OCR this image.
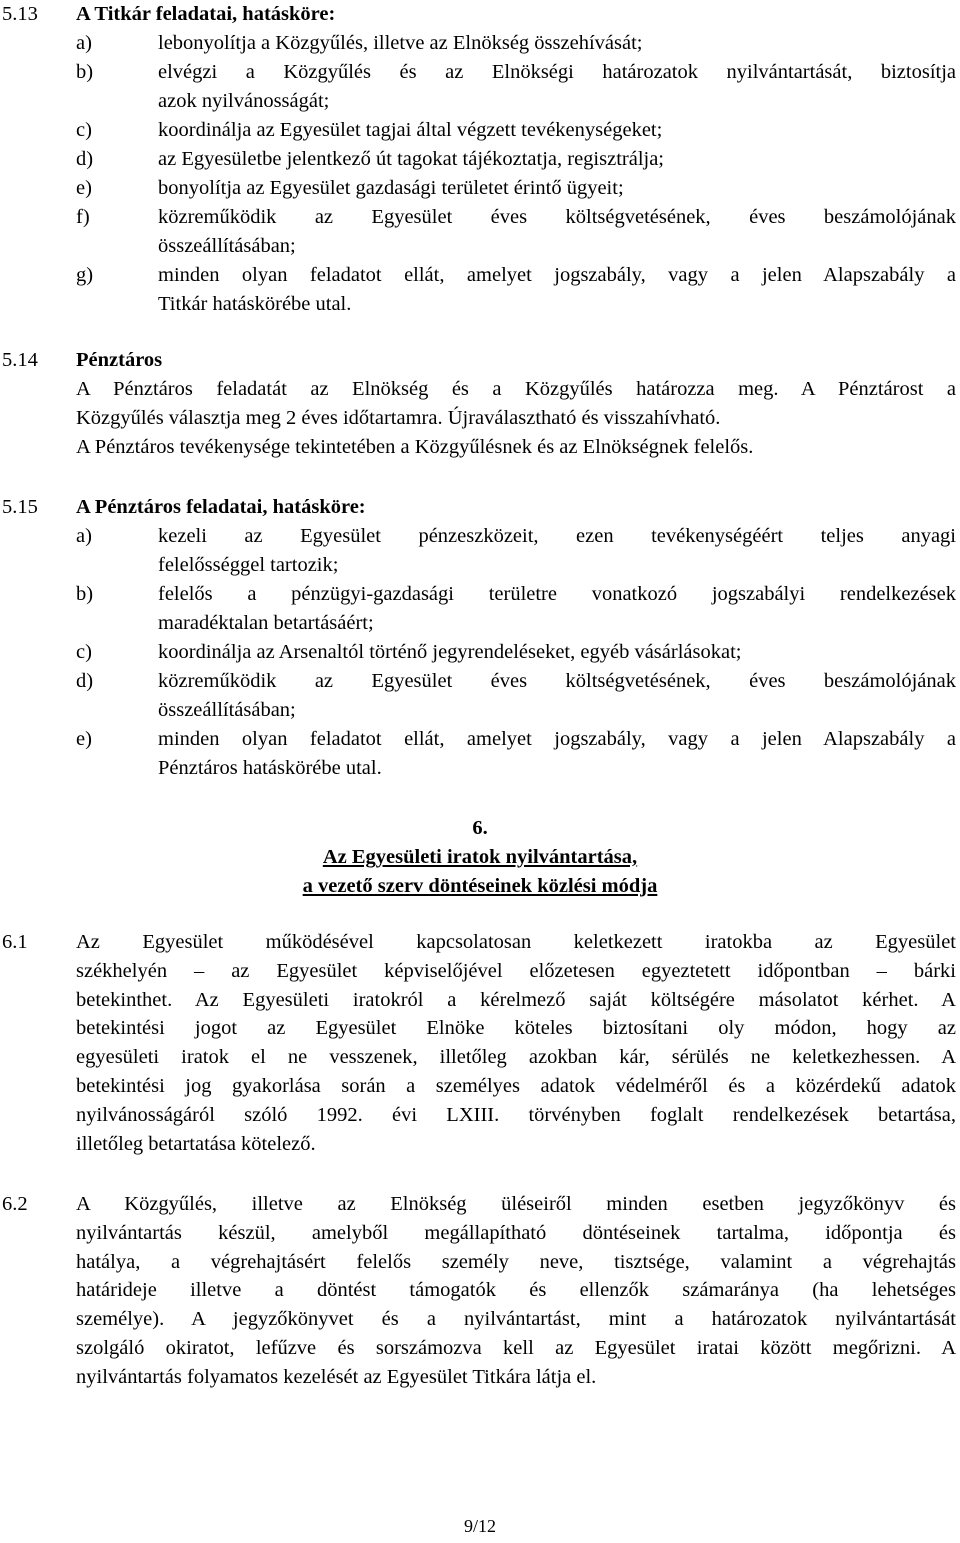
5.13 A Titkár feladatai, hatásköre:
a)	lebonyolítja a Közgyűlés, illetve az Elnökség összehívását;
b)	elvégzi a Közgyűlés és az Elnökségi határozatok nyilvántartását, biztosítja
azok nyilvánosságát;
c)	koordinálja az Egyesület tagjai által végzett tevékenységeket;
d)	az Egyesületbe jelentkező út tagokat tájékoztatja, regisztrálja;
e)	bonyolítja az Egyesület gazdasági területet érintő ügyeit;
f)	közreműködik az Egyesület éves költségvetésének, éves beszámolójának
összeállításában;
g)	minden olyan feladatot ellát, amelyet jogszabály, vagy a jelen Alapszabály a
Titkár hatáskörébe utal.
5.14 Pénztáros
A Pénztáros feladatát az Elnökség és a Közgyűlés határozza meg. A Pénztárost a
Közgyűlés választja meg 2 éves időtartamra. Újraválasztható és visszahívható.
A Pénztáros tevékenysége tekintetében a Közgyűlésnek és az Elnökségnek felelős.
5.15 A Pénztáros feladatai, hatásköre:
a)	kezeli az Egyesület pénzeszközeit, ezen tevékenységéért teljes anyagi
felelősséggel tartozik;
b)	felelős a pénzügyi-gazdasági területre vonatkozó jogszabályi rendelkezések
maradéktalan betartásáért;
c)	koordinálja az Arsenaltól történő jegyrendeléseket, egyéb vásárlásokat;
d)	közreműködik az Egyesület éves költségvetésének, éves beszámolójának
összeállításában;
e)	minden olyan feladatot ellát, amelyet jogszabály, vagy a jelen Alapszabály a
Pénztáros hatáskörébe utal.
6.
Az Egyesületi iratok nyilvántartása,
a vezető szerv döntéseinek közlési módja
6.1 Az Egyesület működésével kapcsolatosan keletkezett iratokba az Egyesület
székhelyén – az Egyesület képviselőjével előzetesen egyeztetett időpontban – bárki
betekinthet. Az Egyesületi iratokról a kérelmező saját költségére másolatot kérhet. A
betekintési jogot az Egyesület Elnöke köteles biztosítani oly módon, hogy az
egyesületi iratok el ne vesszenek, illetőleg azokban kár, sérülés ne keletkezhessen. A
betekintési jog gyakorlása során a személyes adatok védelméről és a közérdekű adatok
nyilvánosságáról szóló 1992. évi LXIII. törvényben foglalt rendelkezések betartása,
illetőleg betartatása kötelező.
6.2 A Közgyűlés, illetve az Elnökség üléseiről minden esetben jegyzőkönyv és
nyilvántartás készül, amelyből megállapítható döntéseinek tartalma, időpontja és
hatálya, a végrehajtásért felelős személy neve, tisztsége, valamint a végrehajtás
határideje illetve a döntést támogatók és ellenzők számaránya (ha lehetséges
személye). A jegyzőkönyvet és a nyilvántartást, mint a határozatok nyilvántartását
szolgáló okiratot, lefűzve és sorszámozva kell az Egyesület iratai között megőrizni. A
nyilvántartás folyamatos kezelését az Egyesület Titkára látja el.
9/12
